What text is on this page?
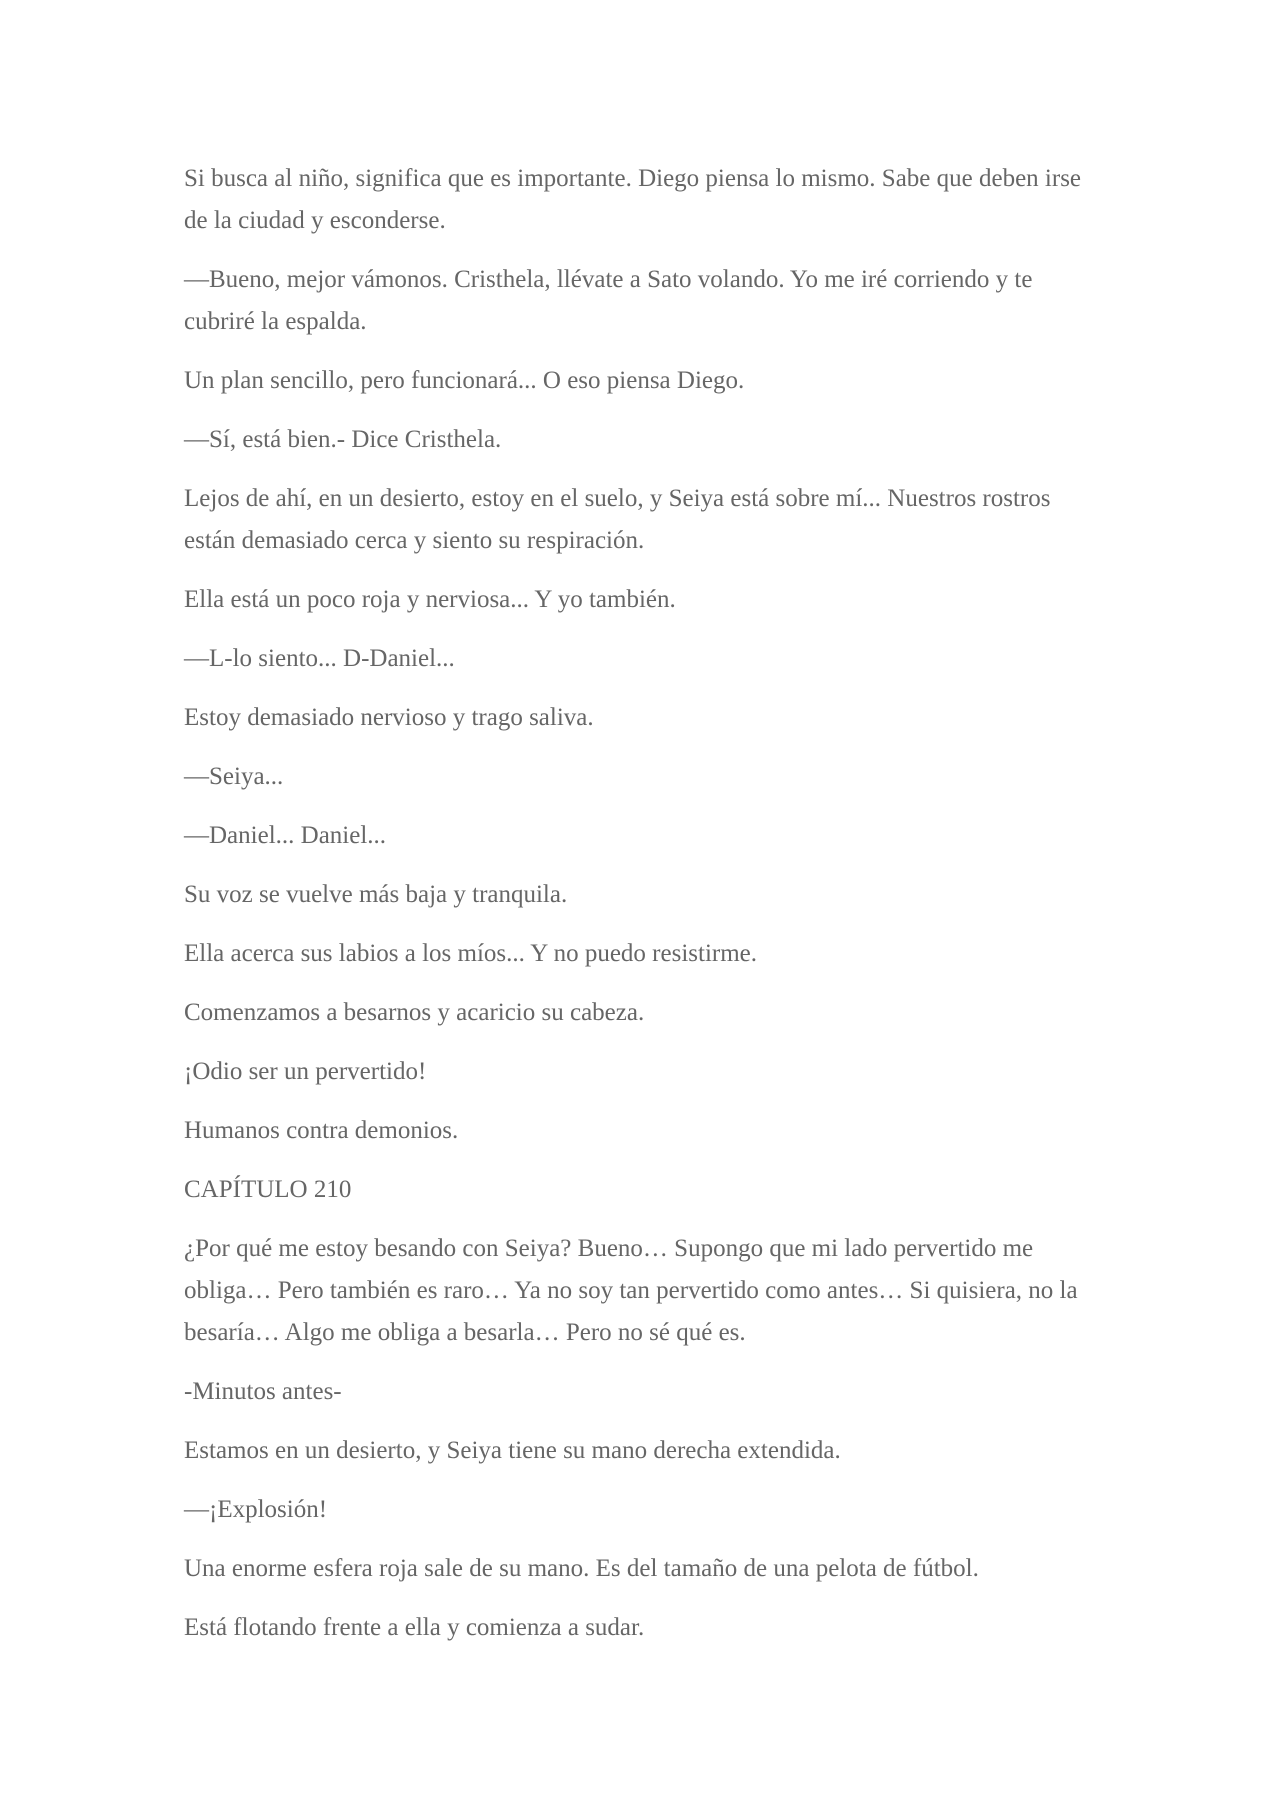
Si busca al niño, significa que es importante. Diego piensa lo mismo. Sabe que deben irse de la ciudad y esconderse.

—Bueno, mejor vámonos. Cristhela, llévate a Sato volando. Yo me iré corriendo y te cubriré la espalda.

Un plan sencillo, pero funcionará... O eso piensa Diego.

—Sí, está bien.- Dice Cristhela.

Lejos de ahí, en un desierto, estoy en el suelo, y Seiya está sobre mí... Nuestros rostros están demasiado cerca y siento su respiración.

Ella está un poco roja y nerviosa... Y yo también.

—L-lo siento... D-Daniel...

Estoy demasiado nervioso y trago saliva.

—Seiya...

—Daniel... Daniel...

Su voz se vuelve más baja y tranquila.

Ella acerca sus labios a los míos... Y no puedo resistirme.

Comenzamos a besarnos y acaricio su cabeza.

¡Odio ser un pervertido!

Humanos contra demonios.

CAPÍTULO 210

¿Por qué me estoy besando con Seiya? Bueno… Supongo que mi lado pervertido me obliga… Pero también es raro… Ya no soy tan pervertido como antes… Si quisiera, no la besaría… Algo me obliga a besarla… Pero no sé qué es.

-Minutos antes-

Estamos en un desierto, y Seiya tiene su mano derecha extendida.

—¡Explosión!

Una enorme esfera roja sale de su mano. Es del tamaño de una pelota de fútbol.

Está flotando frente a ella y comienza a sudar.
